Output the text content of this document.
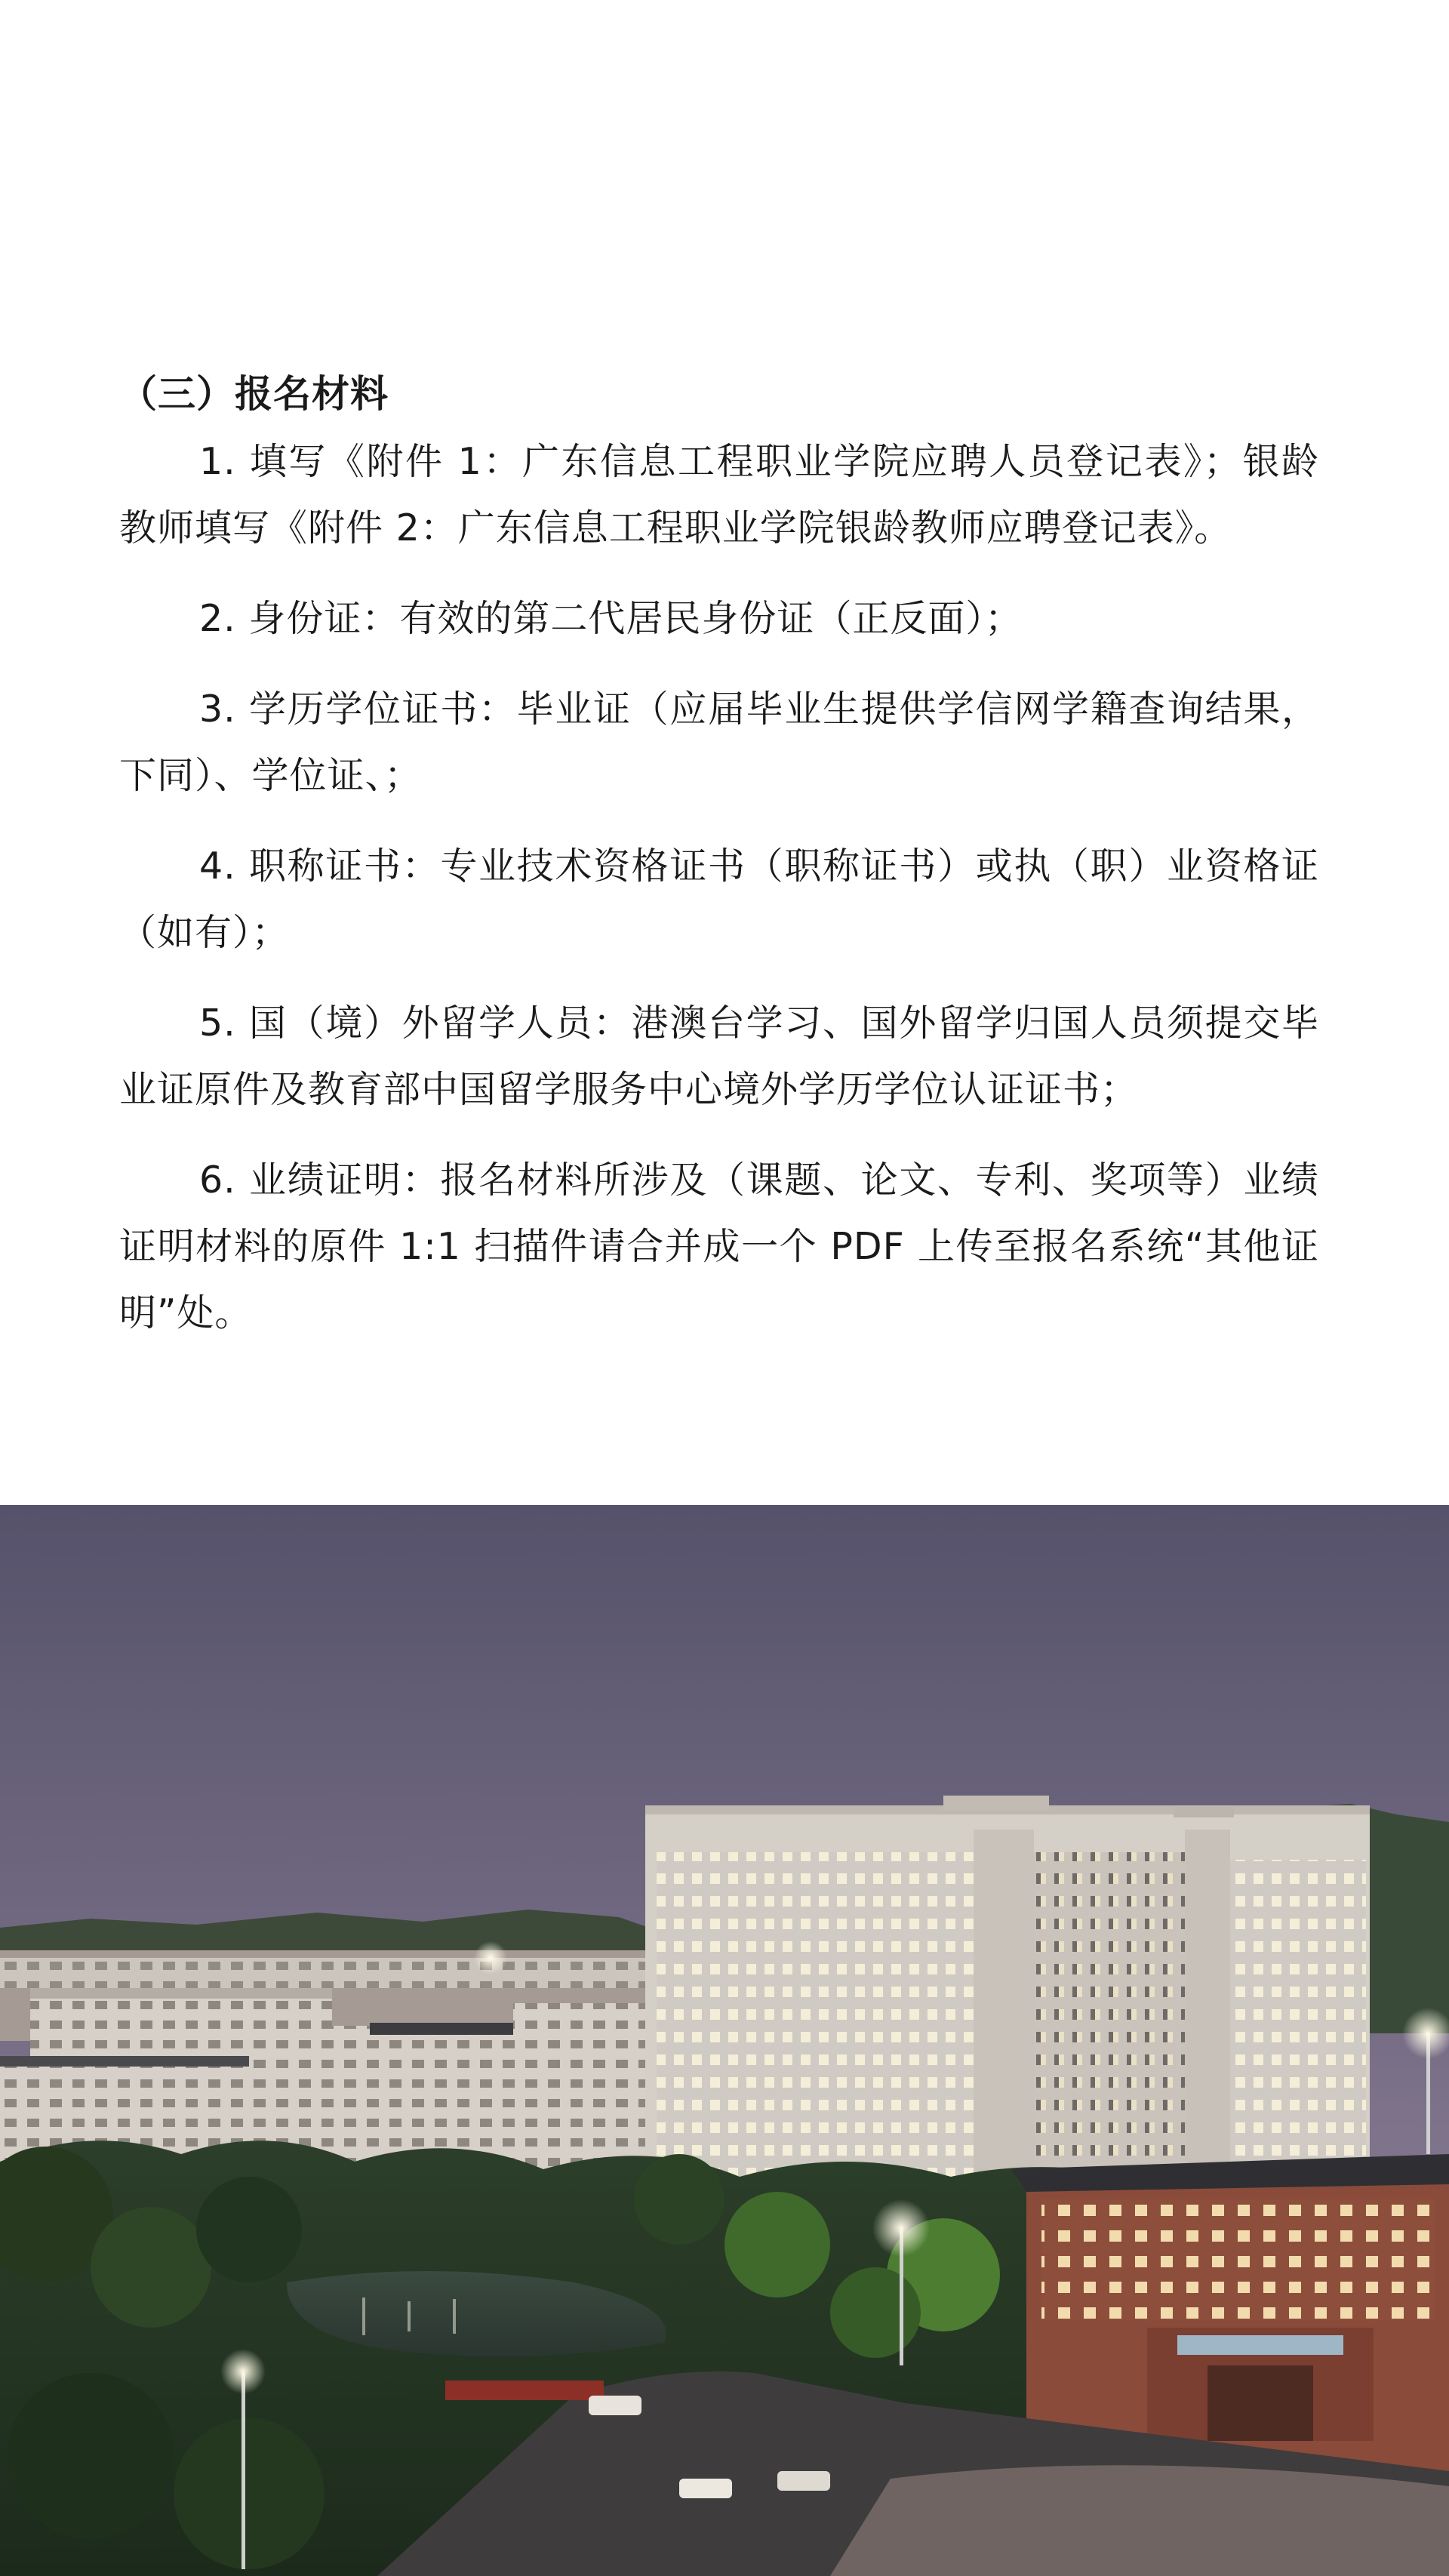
（三）报名材料

1. 填写《附件 1：广东信息工程职业学院应聘人员登记表》；银龄教师填写《附件 2：广东信息工程职业学院银龄教师应聘登记表》。

2. 身份证：有效的第二代居民身份证（正反面）；

3. 学历学位证书：毕业证（应届毕业生提供学信网学籍查询结果，下同）、学位证、；

4. 职称证书：专业技术资格证书（职称证书）或执（职）业资格证（如有）；

5. 国（境）外留学人员：港澳台学习、国外留学归国人员须提交毕业证原件及教育部中国留学服务中心境外学历学位认证证书；

6. 业绩证明：报名材料所涉及（课题、论文、专利、奖项等）业绩证明材料的原件 1:1 扫描件请合并成一个 PDF 上传至报名系统“其他证明”处。
